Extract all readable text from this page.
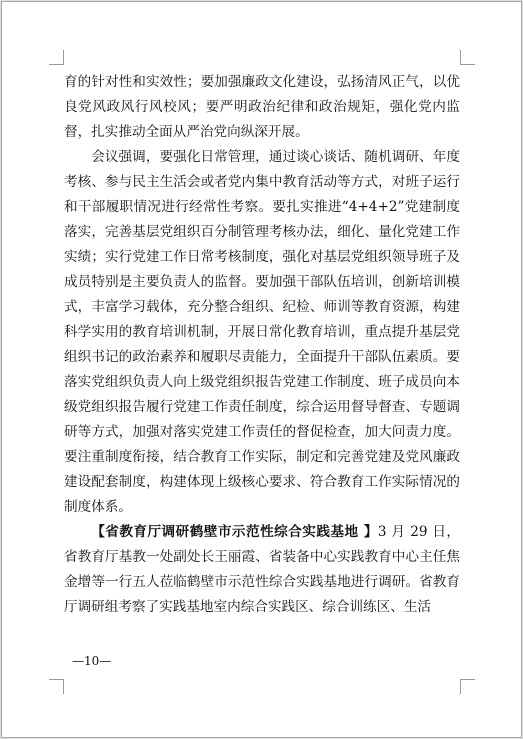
育的针对性和实效性；要加强廉政文化建设，弘扬清风正气，以优良党风政风行风校风；要严明政治纪律和政治规矩，强化党内监督，扎实推动全面从严治党向纵深开展。

会议强调，要强化日常管理，通过谈心谈话、随机调研、年度考核、参与民主生活会或者党内集中教育活动等方式，对班子运行和干部履职情况进行经常性考察。要扎实推进“4+4+2”党建制度落实，完善基层党组织百分制管理考核办法，细化、量化党建工作实绩；实行党建工作日常考核制度，强化对基层党组织领导班子及成员特别是主要负责人的监督。要加强干部队伍培训，创新培训模式，丰富学习载体，充分整合组织、纪检、师训等教育资源，构建科学实用的教育培训机制，开展日常化教育培训，重点提升基层党组织书记的政治素养和履职尽责能力，全面提升干部队伍素质。要落实党组织负责人向上级党组织报告党建工作制度、班子成员向本级党组织报告履行党建工作责任制度，综合运用督导督查、专题调研等方式，加强对落实党建工作责任的督促检查，加大问责力度。要注重制度衔接，结合教育工作实际，制定和完善党建及党风廉政建设配套制度，构建体现上级核心要求、符合教育工作实际情况的制度体系。

【省教育厅调研鹤壁市示范性综合实践基地 】3 月 29 日，省教育厅基教一处副处长王丽霞、省装备中心实践教育中心主任焦金增等一行五人莅临鹤壁市示范性综合实践基地进行调研。省教育厅调研组考察了实践基地室内综合实践区、综合训练区、生活

—10—
